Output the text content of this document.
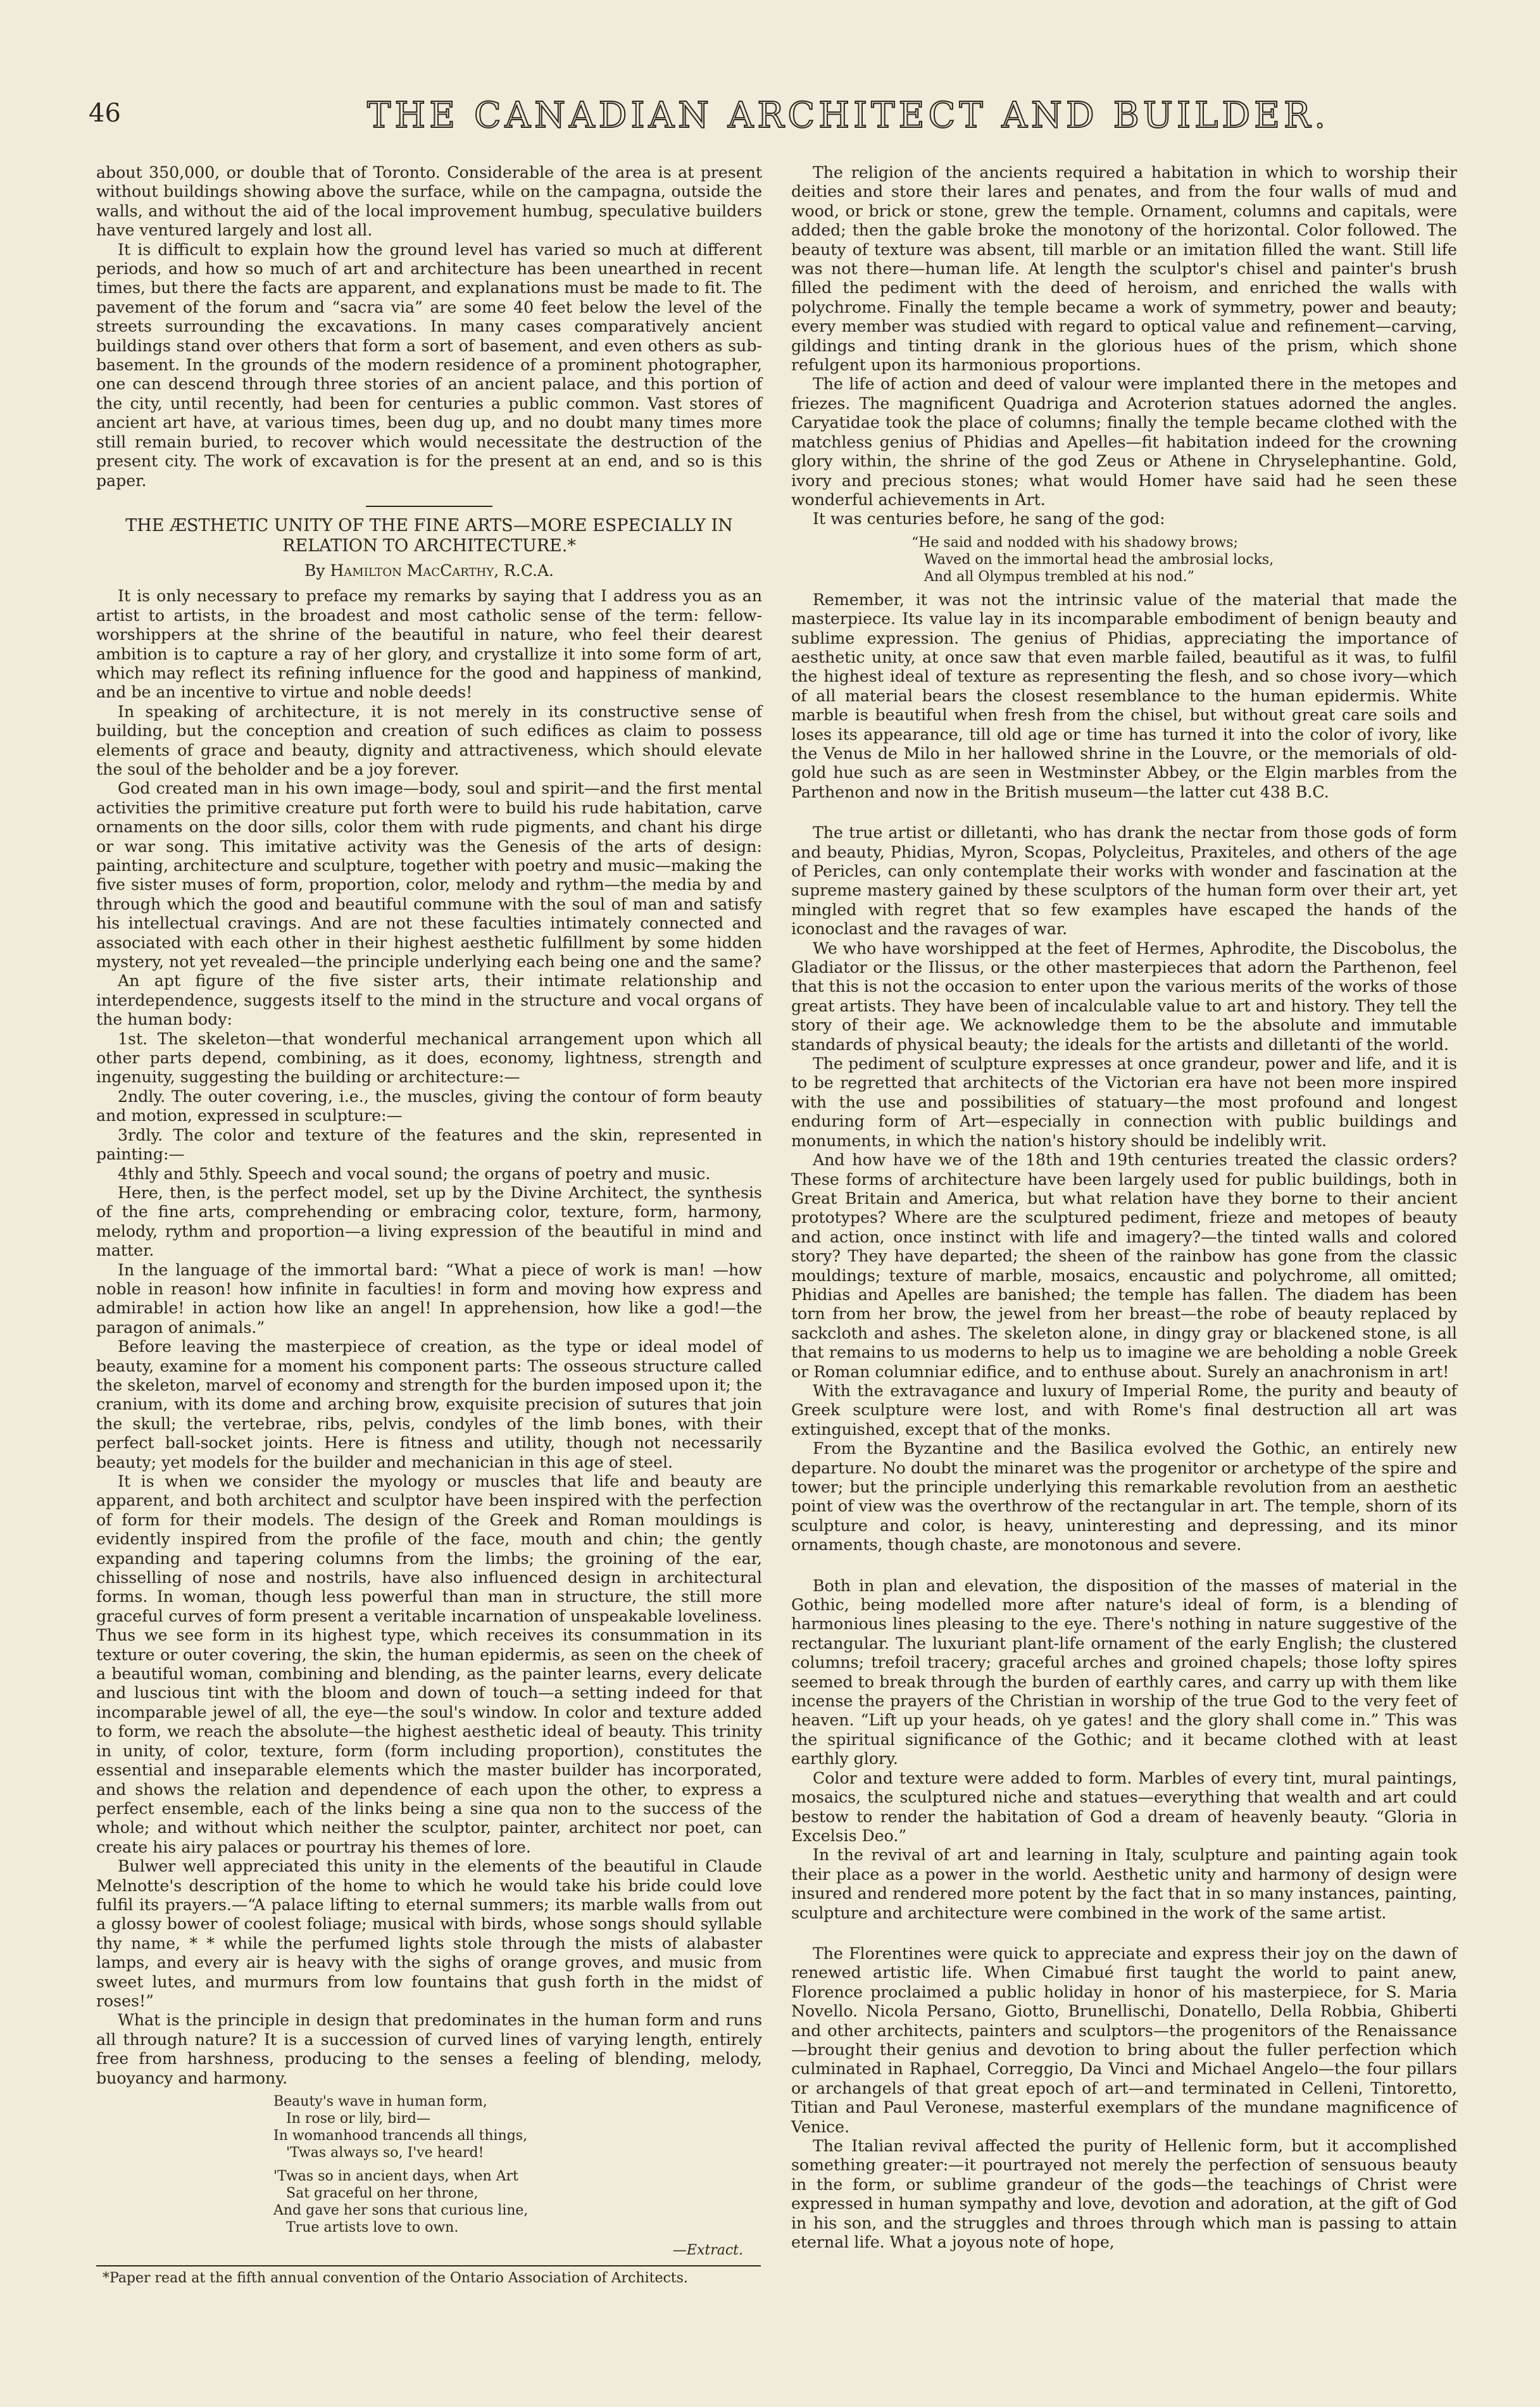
46	THE CANADIAN ARCHITECT AND BUILDER.

about 350,000, or double that of Toronto. Considerable of the area is at present without buildings showing above the surface, while on the campagna, outside the walls, and without the aid of the local improvement humbug, speculative builders have ventured largely and lost all.

It is difficult to explain how the ground level has varied so much at different periods, and how so much of art and architecture has been unearthed in recent times, but there the facts are apparent, and explanations must be made to fit. The pavement of the forum and “sacra via” are some 40 feet below the level of the streets surrounding the excavations. In many cases comparatively ancient buildings stand over others that form a sort of basement, and even others as sub-basement. In the grounds of the modern residence of a prominent photographer, one can descend through three stories of an ancient palace, and this portion of the city, until recently, had been for centuries a public common. Vast stores of ancient art have, at various times, been dug up, and no doubt many times more still remain buried, to recover which would necessitate the destruction of the present city. The work of excavation is for the present at an end, and so is this paper.

THE ÆSTHETIC UNITY OF THE FINE ARTS—MORE ESPECIALLY IN RELATION TO ARCHITECTURE.*
By Hamilton MacCarthy, R.C.A.

It is only necessary to preface my remarks by saying that I address you as an artist to artists, in the broadest and most catholic sense of the term: fellow-worshippers at the shrine of the beautiful in nature, who feel their dearest ambition is to capture a ray of her glory, and crystallize it into some form of art, which may reflect its refining influence for the good and happiness of mankind, and be an incentive to virtue and noble deeds!

In speaking of architecture, it is not merely in its constructive sense of building, but the conception and creation of such edifices as claim to possess elements of grace and beauty, dignity and attractiveness, which should elevate the soul of the beholder and be a joy forever.

God created man in his own image—body, soul and spirit—and the first mental activities the primitive creature put forth were to build his rude habitation, carve ornaments on the door sills, color them with rude pigments, and chant his dirge or war song. This imitative activity was the Genesis of the arts of design: painting, architecture and sculpture, together with poetry and music—making the five sister muses of form, proportion, color, melody and rythm—the media by and through which the good and beautiful commune with the soul of man and satisfy his intellectual cravings. And are not these faculties intimately connected and associated with each other in their highest aesthetic fulfillment by some hidden mystery, not yet revealed—the principle underlying each being one and the same?

An apt figure of the five sister arts, their intimate relationship and interdependence, suggests itself to the mind in the structure and vocal organs of the human body:

1st. The skeleton—that wonderful mechanical arrangement upon which all other parts depend, combining, as it does, economy, lightness, strength and ingenuity, suggesting the building or architecture:—

2ndly. The outer covering, i.e., the muscles, giving the contour of form beauty and motion, expressed in sculpture:—

3rdly. The color and texture of the features and the skin, represented in painting:—

4thly and 5thly. Speech and vocal sound; the organs of poetry and music.

Here, then, is the perfect model, set up by the Divine Architect, the synthesis of the fine arts, comprehending or embracing color, texture, form, harmony, melody, rythm and proportion—a living expression of the beautiful in mind and matter.

In the language of the immortal bard: “What a piece of work is man! —how noble in reason! how infinite in faculties! in form and moving how express and admirable! in action how like an angel! In apprehension, how like a god!—the paragon of animals.”

Before leaving the masterpiece of creation, as the type or ideal model of beauty, examine for a moment his component parts: The osseous structure called the skeleton, marvel of economy and strength for the burden imposed upon it; the cranium, with its dome and arching brow, exquisite precision of sutures that join the skull; the vertebrae, ribs, pelvis, condyles of the limb bones, with their perfect ball-socket joints. Here is fitness and utility, though not necessarily beauty; yet models for the builder and mechanician in this age of steel.

It is when we consider the myology or muscles that life and beauty are apparent, and both architect and sculptor have been inspired with the perfection of form for their models. The design of the Greek and Roman mouldings is evidently inspired from the profile of the face, mouth and chin; the gently expanding and tapering columns from the limbs; the groining of the ear, chisselling of nose and nostrils, have also influenced design in architectural forms. In woman, though less powerful than man in structure, the still more graceful curves of form present a veritable incarnation of unspeakable loveliness. Thus we see form in its highest type, which receives its consummation in its texture or outer covering, the skin, the human epidermis, as seen on the cheek of a beautiful woman, combining and blending, as the painter learns, every delicate and luscious tint with the bloom and down of touch—a setting indeed for that incomparable jewel of all, the eye—the soul's window. In color and texture added to form, we reach the absolute—the highest aesthetic ideal of beauty. This trinity in unity, of color, texture, form (form including proportion), constitutes the essential and inseparable elements which the master builder has incorporated, and shows the relation and dependence of each upon the other, to express a perfect ensemble, each of the links being a sine qua non to the success of the whole; and without which neither the sculptor, painter, architect nor poet, can create his airy palaces or pourtray his themes of lore.

Bulwer well appreciated this unity in the elements of the beautiful in Claude Melnotte's description of the home to which he would take his bride could love fulfil its prayers.—“A palace lifting to eternal summers; its marble walls from out a glossy bower of coolest foliage; musical with birds, whose songs should syllable thy name, * * while the perfumed lights stole through the mists of alabaster lamps, and every air is heavy with the sighs of orange groves, and music from sweet lutes, and murmurs from low fountains that gush forth in the midst of roses!”

What is the principle in design that predominates in the human form and runs all through nature? It is a succession of curved lines of varying length, entirely free from harshness, producing to the senses a feeling of blending, melody, buoyancy and harmony.

Beauty's wave in human form,
In rose or lily, bird—
In womanhood trancends all things,
'Twas always so, I've heard!
'Twas so in ancient days, when Art
Sat graceful on her throne,
And gave her sons that curious line,
True artists love to own.
—Extract.
*Paper read at the fifth annual convention of the Ontario Association of Architects.

The religion of the ancients required a habitation in which to worship their deities and store their lares and penates, and from the four walls of mud and wood, or brick or stone, grew the temple. Ornament, columns and capitals, were added; then the gable broke the monotony of the horizontal. Color followed. The beauty of texture was absent, till marble or an imitation filled the want. Still life was not there—human life. At length the sculptor's chisel and painter's brush filled the pediment with the deed of heroism, and enriched the walls with polychrome. Finally the temple became a work of symmetry, power and beauty; every member was studied with regard to optical value and refinement—carving, gildings and tinting drank in the glorious hues of the prism, which shone refulgent upon its harmonious proportions.

The life of action and deed of valour were implanted there in the metopes and friezes. The magnificent Quadriga and Acroterion statues adorned the angles. Caryatidae took the place of columns; finally the temple became clothed with the matchless genius of Phidias and Apelles—fit habitation indeed for the crowning glory within, the shrine of the god Zeus or Athene in Chryselephantine. Gold, ivory and precious stones; what would Homer have said had he seen these wonderful achievements in Art.

It was centuries before, he sang of the god:

“He said and nodded with his shadowy brows;
Waved on the immortal head the ambrosial locks,
And all Olympus trembled at his nod.”

Remember, it was not the intrinsic value of the material that made the masterpiece. Its value lay in its incomparable embodiment of benign beauty and sublime expression. The genius of Phidias, appreciating the importance of aesthetic unity, at once saw that even marble failed, beautiful as it was, to fulfil the highest ideal of texture as representing the flesh, and so chose ivory—which of all material bears the closest resemblance to the human epidermis. White marble is beautiful when fresh from the chisel, but without great care soils and loses its appearance, till old age or time has turned it into the color of ivory, like the Venus de Milo in her hallowed shrine in the Louvre, or the memorials of old-gold hue such as are seen in Westminster Abbey, or the Elgin marbles from the Parthenon and now in the British museum—the latter cut 438 B.C.

The true artist or dilletanti, who has drank the nectar from those gods of form and beauty, Phidias, Myron, Scopas, Polycleitus, Praxiteles, and others of the age of Pericles, can only contemplate their works with wonder and fascination at the supreme mastery gained by these sculptors of the human form over their art, yet mingled with regret that so few examples have escaped the hands of the iconoclast and the ravages of war.

We who have worshipped at the feet of Hermes, Aphrodite, the Discobolus, the Gladiator or the Ilissus, or the other masterpieces that adorn the Parthenon, feel that this is not the occasion to enter upon the various merits of the works of those great artists. They have been of incalculable value to art and history. They tell the story of their age. We acknowledge them to be the absolute and immutable standards of physical beauty; the ideals for the artists and dilletanti of the world.

The pediment of sculpture expresses at once grandeur, power and life, and it is to be regretted that architects of the Victorian era have not been more inspired with the use and possibilities of statuary—the most profound and longest enduring form of Art—especially in connection with public buildings and monuments, in which the nation's history should be indelibly writ.

And how have we of the 18th and 19th centuries treated the classic orders? These forms of architecture have been largely used for public buildings, both in Great Britain and America, but what relation have they borne to their ancient prototypes? Where are the sculptured pediment, frieze and metopes of beauty and action, once instinct with life and imagery?—the tinted walls and colored story? They have departed; the sheen of the rainbow has gone from the classic mouldings; texture of marble, mosaics, encaustic and polychrome, all omitted; Phidias and Apelles are banished; the temple has fallen. The diadem has been torn from her brow, the jewel from her breast—the robe of beauty replaced by sackcloth and ashes. The skeleton alone, in dingy gray or blackened stone, is all that remains to us moderns to help us to imagine we are beholding a noble Greek or Roman columniar edifice, and to enthuse about. Surely an anachronism in art!

With the extravagance and luxury of Imperial Rome, the purity and beauty of Greek sculpture were lost, and with Rome's final destruction all art was extinguished, except that of the monks.

From the Byzantine and the Basilica evolved the Gothic, an entirely new departure. No doubt the minaret was the progenitor or archetype of the spire and tower; but the principle underlying this remarkable revolution from an aesthetic point of view was the overthrow of the rectangular in art. The temple, shorn of its sculpture and color, is heavy, uninteresting and depressing, and its minor ornaments, though chaste, are monotonous and severe.

Both in plan and elevation, the disposition of the masses of material in the Gothic, being modelled more after nature's ideal of form, is a blending of harmonious lines pleasing to the eye. There's nothing in nature suggestive of the rectangular. The luxuriant plant-life ornament of the early English; the clustered columns; trefoil tracery; graceful arches and groined chapels; those lofty spires seemed to break through the burden of earthly cares, and carry up with them like incense the prayers of the Christian in worship of the true God to the very feet of heaven. “Lift up your heads, oh ye gates! and the glory shall come in.” This was the spiritual significance of the Gothic; and it became clothed with at least earthly glory.

Color and texture were added to form. Marbles of every tint, mural paintings, mosaics, the sculptured niche and statues—everything that wealth and art could bestow to render the habitation of God a dream of heavenly beauty. “Gloria in Excelsis Deo.”

In the revival of art and learning in Italy, sculpture and painting again took their place as a power in the world. Aesthetic unity and harmony of design were insured and rendered more potent by the fact that in so many instances, painting, sculpture and architecture were combined in the work of the same artist.

The Florentines were quick to appreciate and express their joy on the dawn of renewed artistic life. When Cimabué first taught the world to paint anew, Florence proclaimed a public holiday in honor of his masterpiece, for S. Maria Novello. Nicola Persano, Giotto, Brunellischi, Donatello, Della Robbia, Ghiberti and other architects, painters and sculptors—the progenitors of the Renaissance—brought their genius and devotion to bring about the fuller perfection which culminated in Raphael, Correggio, Da Vinci and Michael Angelo—the four pillars or archangels of that great epoch of art—and terminated in Celleni, Tintoretto, Titian and Paul Veronese, masterful exemplars of the mundane magnificence of Venice.

The Italian revival affected the purity of Hellenic form, but it accomplished something greater:—it pourtrayed not merely the perfection of sensuous beauty in the form, or sublime grandeur of the gods—the teachings of Christ were expressed in human sympathy and love, devotion and adoration, at the gift of God in his son, and the struggles and throes through which man is passing to attain eternal life. What a joyous note of hope,
